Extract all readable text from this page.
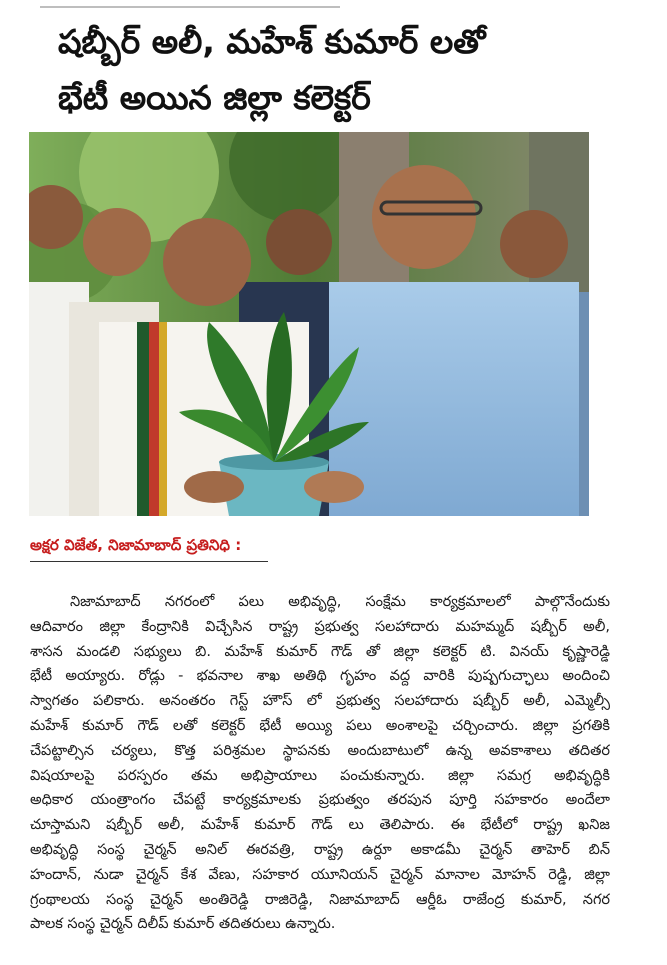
షబ్బీర్ అలీ, మహేశ్ కుమార్ లతో
భేటీ అయిన జిల్లా కలెక్టర్
అక్షర విజేత, నిజామాబాద్ ప్రతినిధి :
నిజామాబాద్ నగరంలో పలు అభివృద్ధి, సంక్షేమ కార్యక్రమాలలో పాల్గొనేందుకు
ఆదివారం జిల్లా కేంద్రానికి విచ్చేసిన రాష్ట్ర ప్రభుత్వ సలహాదారు మహమ్మద్ షబ్బీర్ అలీ,
శాసన మండలి సభ్యులు బి. మహేశ్ కుమార్ గౌడ్ తో జిల్లా కలెక్టర్ టి. వినయ్ కృష్ణారెడ్డి
భేటీ అయ్యారు. రోడ్లు - భవనాల శాఖ అతిథి గృహం వద్ద వారికి పుష్పగుచ్ఛాలు అందించి
స్వాగతం పలికారు. అనంతరం గెస్ట్ హౌస్ లో ప్రభుత్వ సలహాదారు షబ్బీర్ అలీ, ఎమ్మెల్సీ
మహేశ్ కుమార్ గౌడ్ లతో కలెక్టర్ భేటీ అయ్యి పలు అంశాలపై చర్చించారు. జిల్లా ప్రగతికి
చేపట్టాల్సిన చర్యలు, కొత్త పరిశ్రమల స్థాపనకు అందుబాటులో ఉన్న అవకాశాలు తదితర
విషయాలపై పరస్పరం తమ అభిప్రాయాలు పంచుకున్నారు. జిల్లా సమగ్ర అభివృద్ధికి
అధికార యంత్రాంగం చేపట్టే కార్యక్రమాలకు ప్రభుత్వం తరపున పూర్తి సహకారం అందేలా
చూస్తామని షబ్బీర్ అలీ, మహేశ్ కుమార్ గౌడ్ లు తెలిపారు. ఈ భేటీలో రాష్ట్ర ఖనిజ
అభివృద్ధి సంస్థ చైర్మన్ అనిల్ ఈరవత్రి, రాష్ట్ర ఉర్దూ అకాడమీ చైర్మన్ తాహెర్ బిన్
హందాన్, నుడా చైర్మన్ కేశ వేణు, సహకార యూనియన్ చైర్మన్ మానాల మోహన్ రెడ్డి, జిల్లా
గ్రంథాలయ సంస్థ చైర్మన్ అంతిరెడ్డి రాజిరెడ్డి, నిజామాబాద్ ఆర్డీఓ రాజేంద్ర కుమార్, నగర
పాలక సంస్థ చైర్మన్ దిలీప్ కుమార్ తదితరులు ఉన్నారు.
